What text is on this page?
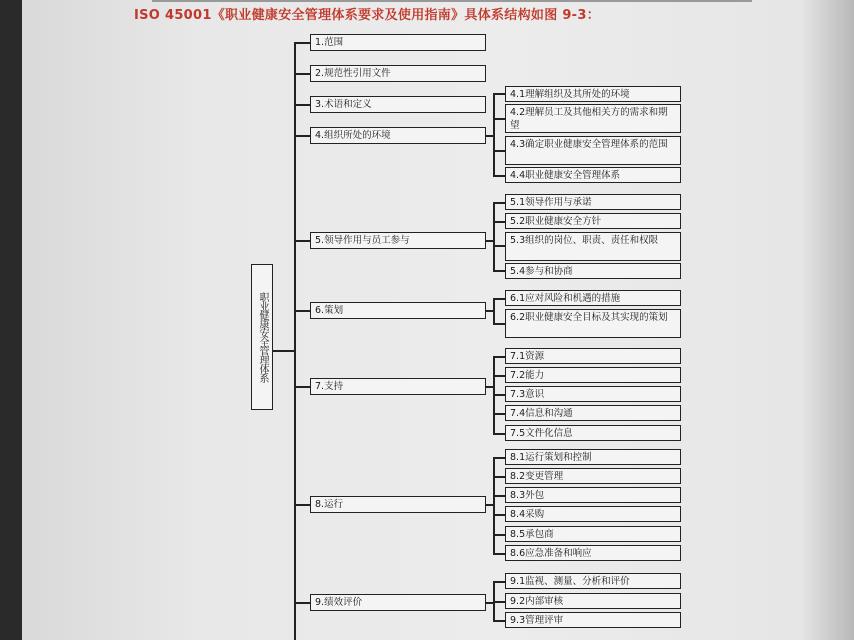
ISO 45001《职业健康安全管理体系要求及使用指南》具体系结构如图 9-3：
职业健康安全管理体系
1.范围
2.规范性引用文件
3.术语和定义
4.组织所处的环境
5.领导作用与员工参与
6.策划
7.支持
8.运行
9.绩效评价
4.1理解组织及其所处的环境
4.2理解员工及其他相关方的需求和期望
4.3确定职业健康安全管理体系的范围
4.4职业健康安全管理体系
5.1领导作用与承诺
5.2职业健康安全方针
5.3组织的岗位、职责、责任和权限
5.4参与和协商
6.1应对风险和机遇的措施
6.2职业健康安全目标及其实现的策划
7.1资源
7.2能力
7.3意识
7.4信息和沟通
7.5文件化信息
8.1运行策划和控制
8.2变更管理
8.3外包
8.4采购
8.5承包商
8.6应急准备和响应
9.1监视、测量、分析和评价
9.2内部审核
9.3管理评审
